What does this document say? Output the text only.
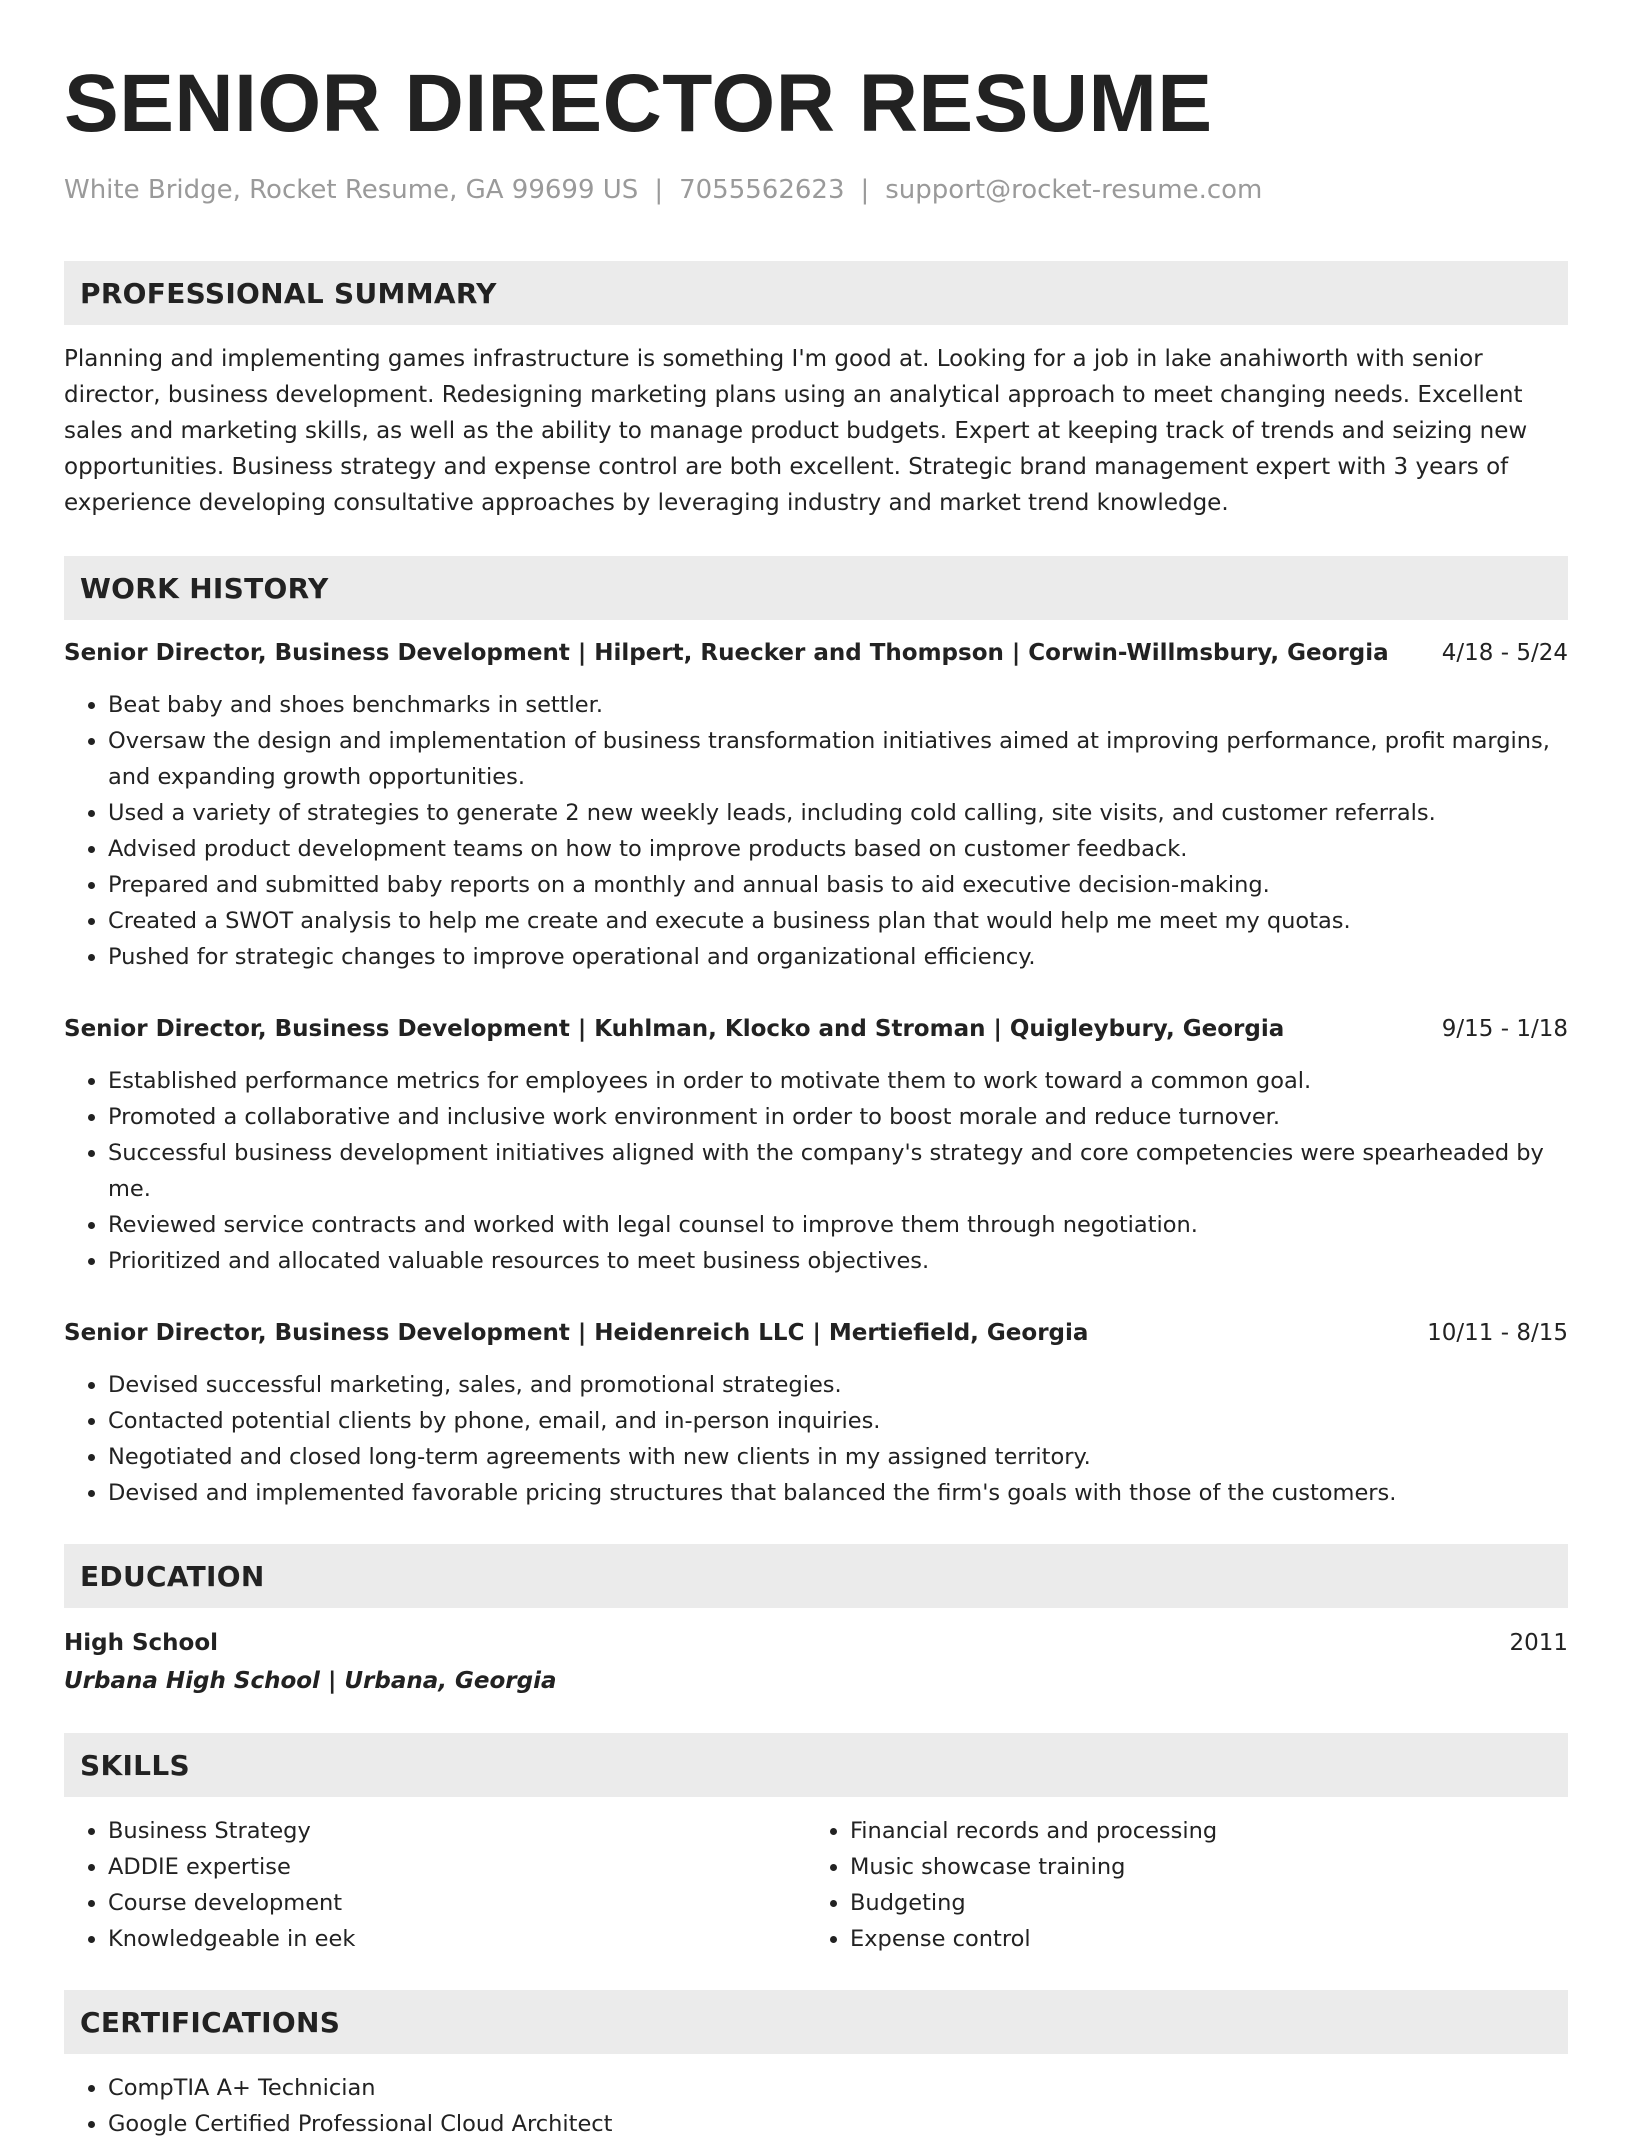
SENIOR DIRECTOR RESUME
White Bridge, Rocket Resume, GA 99699 US | 7055562623 | support@rocket-resume.com
PROFESSIONAL SUMMARY
Planning and implementing games infrastructure is something I'm good at. Looking for a job in lake anahiworth with senior director, business development. Redesigning marketing plans using an analytical approach to meet changing needs. Excellent sales and marketing skills, as well as the ability to manage product budgets. Expert at keeping track of trends and seizing new opportunities. Business strategy and expense control are both excellent. Strategic brand management expert with 3 years of experience developing consultative approaches by leveraging industry and market trend knowledge.
WORK HISTORY
Senior Director, Business Development | Hilpert, Ruecker and Thompson | Corwin-Willmsbury, Georgia 4/18 - 5/24
• Beat baby and shoes benchmarks in settler.
• Oversaw the design and implementation of business transformation initiatives aimed at improving performance, profit margins, and expanding growth opportunities.
• Used a variety of strategies to generate 2 new weekly leads, including cold calling, site visits, and customer referrals.
• Advised product development teams on how to improve products based on customer feedback.
• Prepared and submitted baby reports on a monthly and annual basis to aid executive decision-making.
• Created a SWOT analysis to help me create and execute a business plan that would help me meet my quotas.
• Pushed for strategic changes to improve operational and organizational efficiency.
Senior Director, Business Development | Kuhlman, Klocko and Stroman | Quigleybury, Georgia	9/15 - 1/18
• Established performance metrics for employees in order to motivate them to work toward a common goal.
• Promoted a collaborative and inclusive work environment in order to boost morale and reduce turnover.
• Successful business development initiatives aligned with the company's strategy and core competencies were spearheaded by me.
• Reviewed service contracts and worked with legal counsel to improve them through negotiation.
• Prioritized and allocated valuable resources to meet business objectives.
Senior Director, Business Development | Heidenreich LLC | Mertiefield, Georgia	10/11 - 8/15
• Devised successful marketing, sales, and promotional strategies.
• Contacted potential clients by phone, email, and in-person inquiries.
• Negotiated and closed long-term agreements with new clients in my assigned territory.
• Devised and implemented favorable pricing structures that balanced the firm's goals with those of the customers.
EDUCATION
High School	2011
Urbana High School | Urbana, Georgia
SKILLS
• Business Strategy
• ADDIE expertise
• Course development
• Knowledgeable in eek
• Financial records and processing
• Music showcase training
• Budgeting
• Expense control
CERTIFICATIONS
• CompTIA A+ Technician
• Google Certified Professional Cloud Architect
